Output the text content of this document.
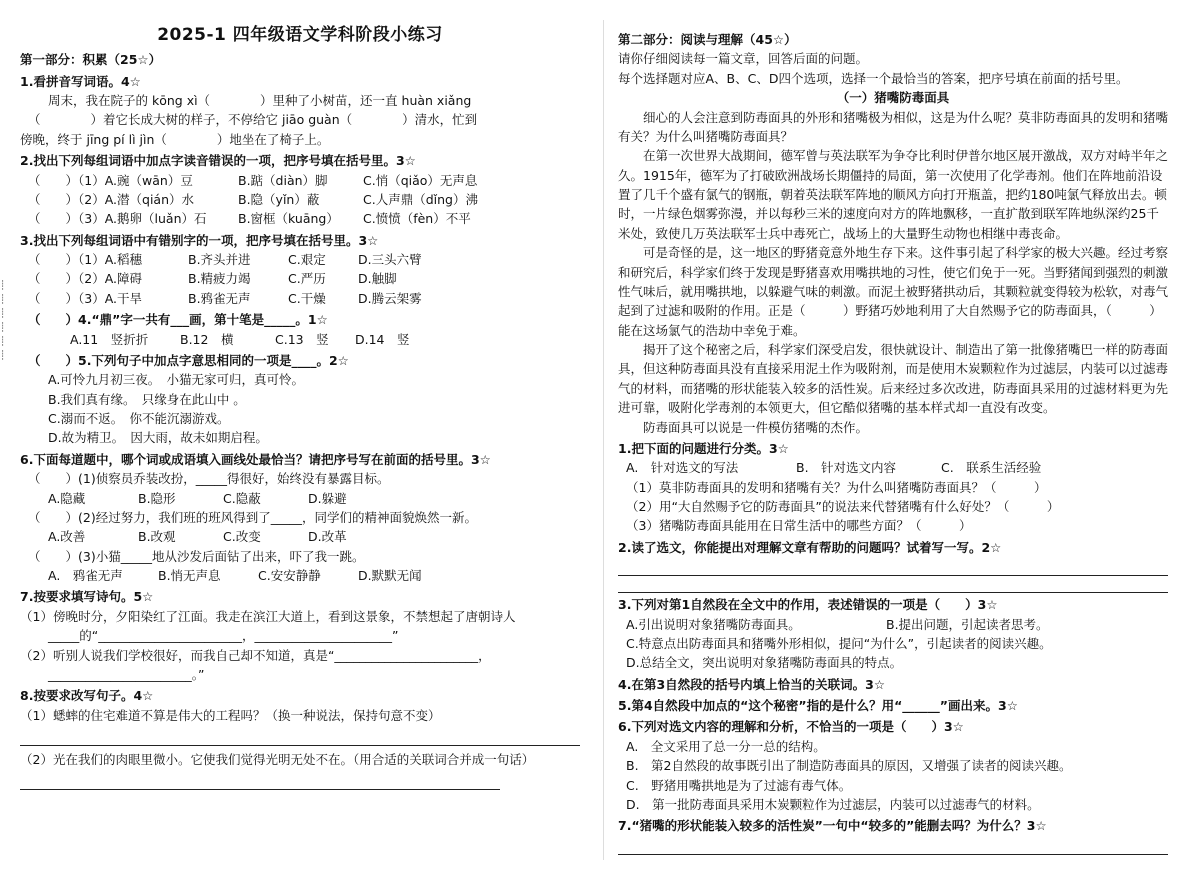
┊
┊
┊
┊
┊
┊
2025-1 四年级语文学科阶段小练习

第一部分：积累（25☆）

1.看拼音写词语。4☆

周末，我在院子的 kōng xì（　　　　）里种了小树苗，还一直 huàn xiǎng

（　　　　）着它长成大树的样子，不停给它 jiāo guàn（　　　　）清水，忙到

傍晚，终于 jīng pí lì jìn（　　　　）地坐在了椅子上。

2.找出下列每组词语中加点字读音错误的一项，把序号填在括号里。3☆

（　　）（1）A.豌（wān）豆	B.踮（diàn）脚	C.悄（qiǎo）无声息
（　　）（2）A.潜（qián）水	B.隐（yǐn）蔽	C.人声鼎（dǐng）沸
（　　）（3）A.鹅卵（luǎn）石	B.窗框（kuāng）	C.愤愤（fèn）不平

3.找出下列每组词语中有错别字的一项，把序号填在括号里。3☆

（　　）（1）A.稻穗	B.齐头并进	C.艰定	D.三头六臂
（　　）（2）A.障碍	B.精疲力竭	C.严历	D.触脚
（　　）（3）A.干旱	B.鸦雀无声	C.干燥	D.腾云架雾

（　　）4.“鼎”字一共有___画，第十笔是_____。1☆

A.11　竖折折	B.12　横	C.13　竖	D.14　竖

（　　）5.下列句子中加点字意思相同的一项是____。2☆

A.可怜九月初三夜。　小猫无家可归，真可怜。

B.我们真有缘。　只缘身在此山中 。

C.溺而不返。　你不能沉溺游戏。

D.故为精卫。　因大雨，故未如期启程。

6.下面每道题中，哪个词或成语填入画线处最恰当？请把序号写在前面的括号里。3☆

（　　）(1)侦察员乔装改扮，_____得很好，始终没有暴露目标。

A.隐藏	B.隐形	C.隐蔽	D.躲避

（　　）(2)经过努力，我们班的班风得到了_____，同学们的精神面貌焕然一新。

A.改善	B.改观	C.改变	D.改革

（　　）(3)小猫_____地从沙发后面钻了出来，吓了我一跳。

A.　鸦雀无声	B.悄无声息	C.安安静静	D.默默无闻

7.按要求填写诗句。5☆

（1）傍晚时分，夕阳染红了江面。我走在滨江大道上，看到这景象，不禁想起了唐朝诗人

_____的“_______________________，______________________”

（2）听别人说我们学校很好，而我自己却不知道，真是“_______________________，

_______________________。”

8.按要求改写句子。4☆

（1）蟋蟀的住宅难道不算是伟大的工程吗？（换一种说法，保持句意不变）

（2）光在我们的肉眼里微小。它使我们觉得光明无处不在。（用合适的关联词合并成一句话）

第二部分：阅读与理解（45☆）

请你仔细阅读每一篇文章，回答后面的问题。

每个选择题对应A、B、C、D四个选项，选择一个最恰当的答案，把序号填在前面的括号里。

（一）猪嘴防毒面具

细心的人会注意到防毒面具的外形和猪嘴极为相似，这是为什么呢？莫非防毒面具的发明和猪嘴有关？为什么叫猪嘴防毒面具？

在第一次世界大战期间，德军曾与英法联军为争夺比利时伊普尔地区展开激战，双方对峙半年之久。1915年，德军为了打破欧洲战场长期僵持的局面，第一次使用了化学毒剂。他们在阵地前沿设置了几千个盛有氯气的钢瓶，朝着英法联军阵地的顺风方向打开瓶盖，把约180吨氯气释放出去。顿时，一片绿色烟雾弥漫，并以每秒三米的速度向对方的阵地飘移，一直扩散到联军阵地纵深约25千米处，致使几万英法联军士兵中毒死亡，战场上的大量野生动物也相继中毒丧命。

可是奇怪的是，这一地区的野猪竟意外地生存下来。这件事引起了科学家的极大兴趣。经过考察和研究后，科学家们终于发现是野猪喜欢用嘴拱地的习性，使它们免于一死。当野猪闻到强烈的刺激性气味后，就用嘴拱地，以躲避气味的刺激。而泥土被野猪拱动后，其颗粒就变得较为松软，对毒气起到了过滤和吸附的作用。正是（　　　）野猪巧妙地利用了大自然赐予它的防毒面具，（　　　）能在这场氯气的浩劫中幸免于难。

揭开了这个秘密之后，科学家们深受启发，很快就设计、制造出了第一批像猪嘴巴一样的防毒面具，但这种防毒面具没有直接采用泥土作为吸附剂，而是使用木炭颗粒作为过滤层，内装可以过滤毒气的材料，而猪嘴的形状能装入较多的活性炭。后来经过多次改进，防毒面具采用的过滤材料更为先进可靠，吸附化学毒剂的本领更大，但它酷似猪嘴的基本样式却一直没有改变。

防毒面具可以说是一件模仿猪嘴的杰作。

1.把下面的问题进行分类。3☆

A.　针对选文的写法	B.　针对选文内容	C.　联系生活经验

（1）莫非防毒面具的发明和猪嘴有关？为什么叫猪嘴防毒面具？（　　　）

（2）用“大自然赐予它的防毒面具”的说法来代替猪嘴有什么好处？（　　　）

（3）猪嘴防毒面具能用在日常生活中的哪些方面？（　　　）

2.读了选文，你能提出对理解文章有帮助的问题吗？试着写一写。2☆

3.下列对第1自然段在全文中的作用，表述错误的一项是（　　）3☆

A.引出说明对象猪嘴防毒面具。	B.提出问题，引起读者思考。

C.特意点出防毒面具和猪嘴外形相似，提问“为什么”，引起读者的阅读兴趣。

D.总结全文，突出说明对象猪嘴防毒面具的特点。

4.在第3自然段的括号内填上恰当的关联词。3☆

5.第4自然段中加点的“这个秘密”指的是什么？用“______”画出来。3☆

6.下列对选文内容的理解和分析，不恰当的一项是（　　）3☆

A.　全文采用了总一分一总的结构。

B.　第2自然段的故事既引出了制造防毒面具的原因，又增强了读者的阅读兴趣。

C.　野猪用嘴拱地是为了过滤有毒气体。

D.　第一批防毒面具采用木炭颗粒作为过滤层，内装可以过滤毒气的材料。

7.“猪嘴的形状能装入较多的活性炭”一句中“较多的”能删去吗？为什么？3☆
